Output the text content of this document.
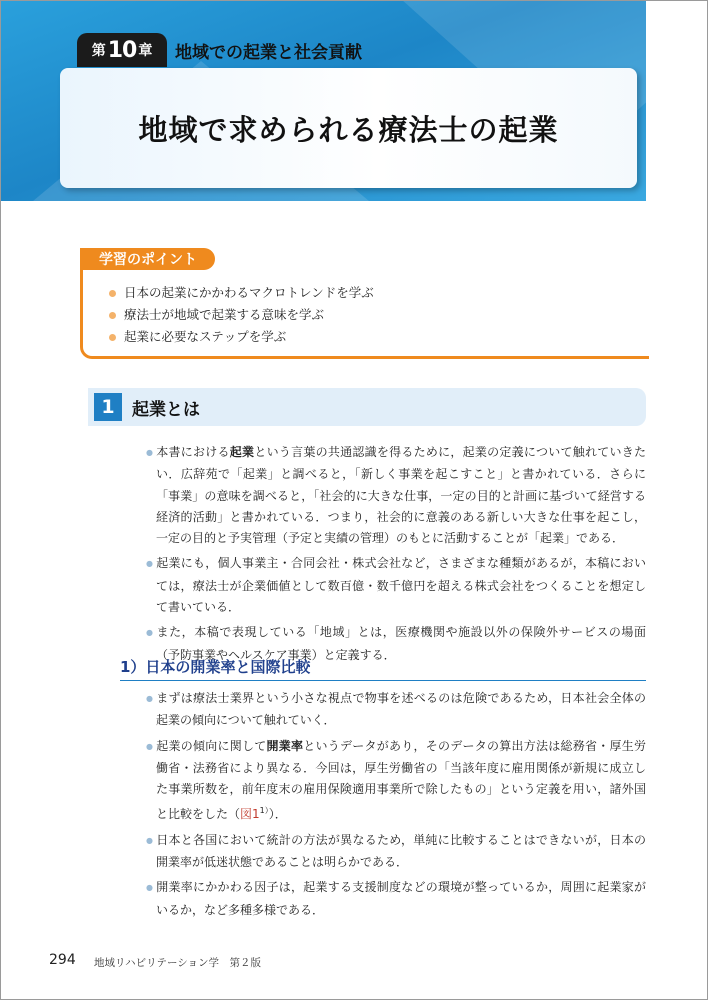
第 10 章 地域での起業と社会貢献
地域で求められる療法士の起業
学習のポイント
日本の起業にかかわるマクロトレンドを学ぶ
療法士が地域で起業する意味を学ぶ
起業に必要なステップを学ぶ
1	起業とは

● 本書における起業という言葉の共通認識を得るために，起業の定義について触れていきたい．広辞苑で「起業」と調べると，「新しく事業を起こすこと」と書かれている．さらに「事業」の意味を調べると，「社会的に大きな仕事，一定の目的と計画に基づいて経営する経済的活動」と書かれている．つまり，社会的に意義のある新しい大きな仕事を起こし，一定の目的と予実管理（予定と実績の管理）のもとに活動することが「起業」である．

● 起業にも，個人事業主・合同会社・株式会社など，さまざまな種類があるが，本稿においては，療法士が企業価値として数百億・数千億円を超える株式会社をつくることを想定して書いている．

● また，本稿で表現している「地域」とは，医療機関や施設以外の保険外サービスの場面（予防事業やヘルスケア事業）と定義する．

1）日本の開業率と国際比較

● まずは療法士業界という小さな視点で物事を述べるのは危険であるため，日本社会全体の起業の傾向について触れていく．

● 起業の傾向に関して開業率というデータがあり，そのデータの算出方法は総務省・厚生労働省・法務省により異なる．今回は，厚生労働省の「当該年度に雇用関係が新規に成立した事業所数を，前年度末の雇用保険適用事業所で除したもの」という定義を用い，諸外国と比較をした（図$1^{1)}$）．

● 日本と各国において統計の方法が異なるため，単純に比較することはできないが，日本の開業率が低迷状態であることは明らかである．

● 開業率にかかわる因子は，起業する支援制度などの環境が整っているか，周囲に起業家がいるか，など多種多様である．

294 地域リハビリテーション学　第２版
